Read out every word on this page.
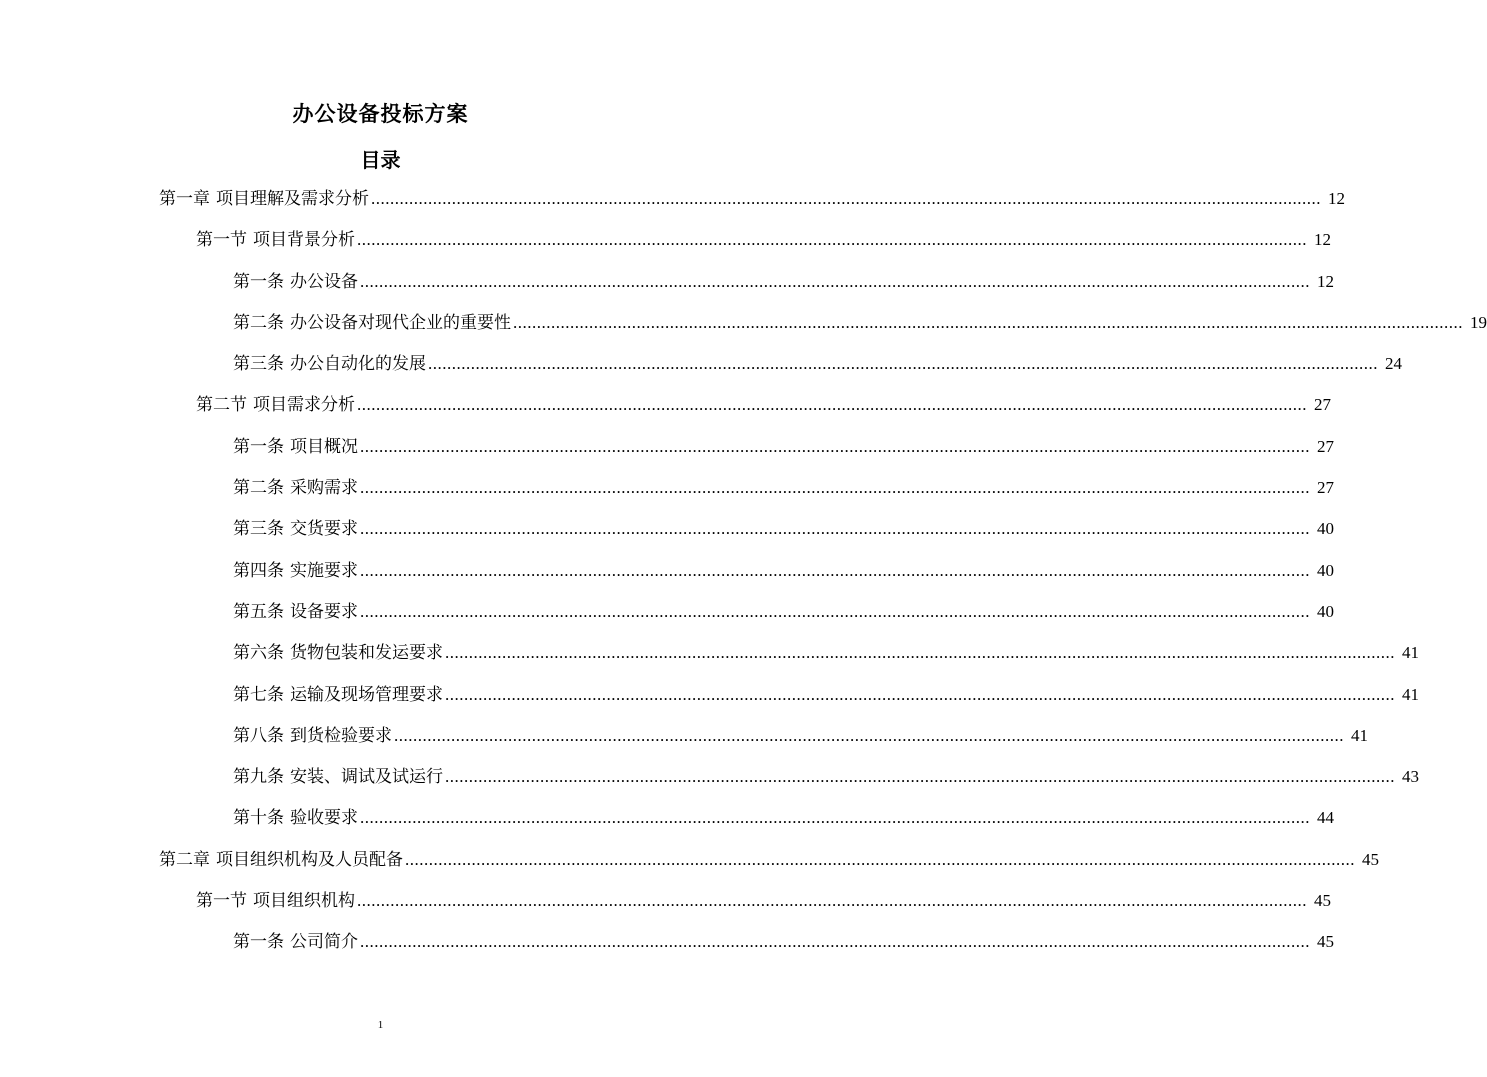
办公设备投标方案
目录
第一章 项目理解及需求分析 ........................................................................................................................................................................................................ 12
第一节 项目背景分析 ........................................................................................................................................................................................................ 12
第一条 办公设备 ........................................................................................................................................................................................................ 12
第二条 办公设备对现代企业的重要性 ........................................................................................................................................................................................................ 19
第三条 办公自动化的发展 ........................................................................................................................................................................................................ 24
第二节 项目需求分析 ........................................................................................................................................................................................................ 27
第一条 项目概况 ........................................................................................................................................................................................................ 27
第二条 采购需求 ........................................................................................................................................................................................................ 27
第三条 交货要求 ........................................................................................................................................................................................................ 40
第四条 实施要求 ........................................................................................................................................................................................................ 40
第五条 设备要求 ........................................................................................................................................................................................................ 40
第六条 货物包装和发运要求 ........................................................................................................................................................................................................ 41
第七条 运输及现场管理要求 ........................................................................................................................................................................................................ 41
第八条 到货检验要求 ........................................................................................................................................................................................................ 41
第九条 安装、调试及试运行 ........................................................................................................................................................................................................ 43
第十条 验收要求 ........................................................................................................................................................................................................ 44
第二章 项目组织机构及人员配备 ........................................................................................................................................................................................................ 45
第一节 项目组织机构 ........................................................................................................................................................................................................ 45
第一条 公司简介 ........................................................................................................................................................................................................ 45
1
